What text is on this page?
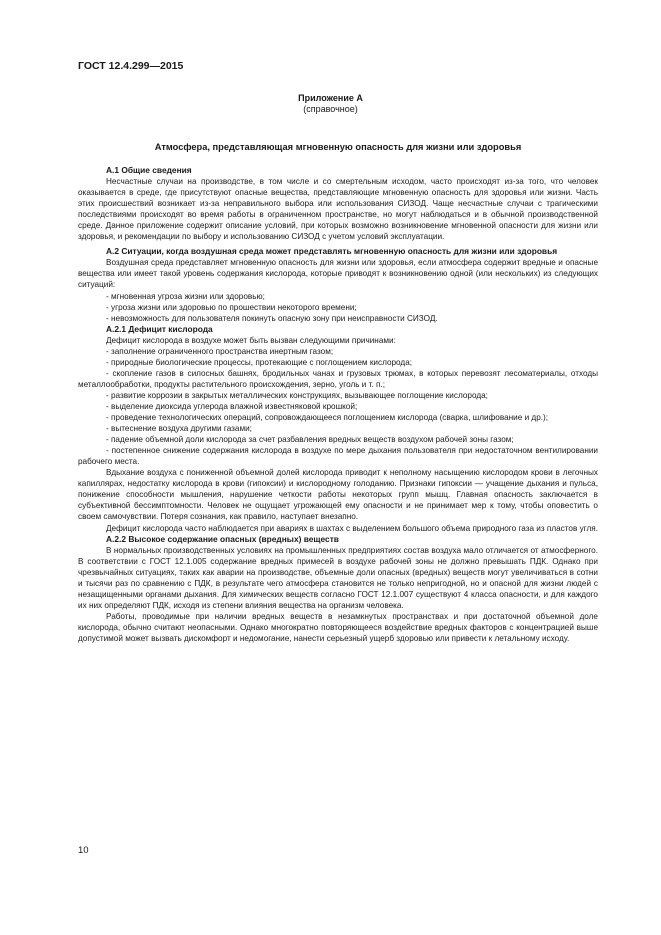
ГОСТ 12.4.299—2015
Приложение А
(справочное)
Атмосфера, представляющая мгновенную опасность для жизни или здоровья
А.1 Общие сведения

Несчастные случаи на производстве, в том числе и со смертельным исходом, часто происходят из-за того, что человек оказывается в среде, где присутствуют опасные вещества, представляющие мгновенную опасность для здоровья или жизни. Часть этих происшествий возникает из-за неправильного выбора или использования СИЗОД. Чаще несчастные случаи с трагическими последствиями происходят во время работы в ограниченном пространстве, но могут наблюдаться и в обычной производственной среде. Данное приложение содержит описание условий, при которых возможно возникновение мгновенной опасности для жизни или здоровья, и рекомендации по выбору и использованию СИЗОД с учетом условий эксплуатации.

А.2 Ситуации, когда воздушная среда может представлять мгновенную опасность для жизни или здоровья

Воздушная среда представляет мгновенную опасность для жизни или здоровья, если атмосфера содержит вредные и опасные вещества или имеет такой уровень содержания кислорода, которые приводят к возникновению одной (или нескольких) из следующих ситуаций:

- мгновенная угроза жизни или здоровью;

- угроза жизни или здоровью по прошествии некоторого времени;

- невозможность для пользователя покинуть опасную зону при неисправности СИЗОД.

А.2.1 Дефицит кислорода

Дефицит кислорода в воздухе может быть вызван следующими причинами:

- заполнение ограниченного пространства инертным газом;

- природные биологические процессы, протекающие с поглощением кислорода;

- скопление газов в силосных башнях, бродильных чанах и грузовых трюмах, в которых перевозят лесоматериалы, отходы металлообработки, продукты растительного происхождения, зерно, уголь и т. п.;

- развитие коррозии в закрытых металлических конструкциях, вызывающее поглощение кислорода;

- выделение диоксида углерода влажной известняковой крошкой;

- проведение технологических операций, сопровождающееся поглощением кислорода (сварка, шлифование и др.);

- вытеснение воздуха другими газами;

- падение объемной доли кислорода за счет разбавления вредных веществ воздухом рабочей зоны газом;

- постепенное снижение содержания кислорода в воздухе по мере дыхания пользователя при недостаточном вентилировании рабочего места.

Вдыхание воздуха с пониженной объемной долей кислорода приводит к неполному насыщению кислородом крови в легочных капиллярах, недостатку кислорода в крови (гипоксии) и кислородному голоданию. Признаки гипоксии — учащение дыхания и пульса, понижение способности мышления, нарушение четкости работы некоторых групп мышц. Главная опасность заключается в субъективной бессимптомности. Человек не ощущает угрожающей ему опасности и не принимает мер к тому, чтобы оповестить о своем самочувствии. Потеря сознания, как правило, наступает внезапно.

Дефицит кислорода часто наблюдается при авариях в шахтах с выделением большого объема природного газа из пластов угля.

А.2.2 Высокое содержание опасных (вредных) веществ

В нормальных производственных условиях на промышленных предприятиях состав воздуха мало отличается от атмосферного. В соответствии с ГОСТ 12.1.005 содержание вредных примесей в воздухе рабочей зоны не должно превышать ПДК. Однако при чрезвычайных ситуациях, таких как аварии на производстве, объемные доли опасных (вредных) веществ могут увеличиваться в сотни и тысячи раз по сравнению с ПДК, в результате чего атмосфера становится не только непригодной, но и опасной для жизни людей с незащищенными органами дыхания. Для химических веществ согласно ГОСТ 12.1.007 существуют 4 класса опасности, и для каждого их них определяют ПДК, исходя из степени влияния вещества на организм человека.

Работы, проводимые при наличии вредных веществ в незамкнутых пространствах и при достаточной объемной доле кислорода, обычно считают неопасными. Однако многократно повторяющееся воздействие вредных факторов с концентрацией выше допустимой может вызвать дискомфорт и недомогание, нанести серьезный ущерб здоровью или привести к летальному исходу.

10
